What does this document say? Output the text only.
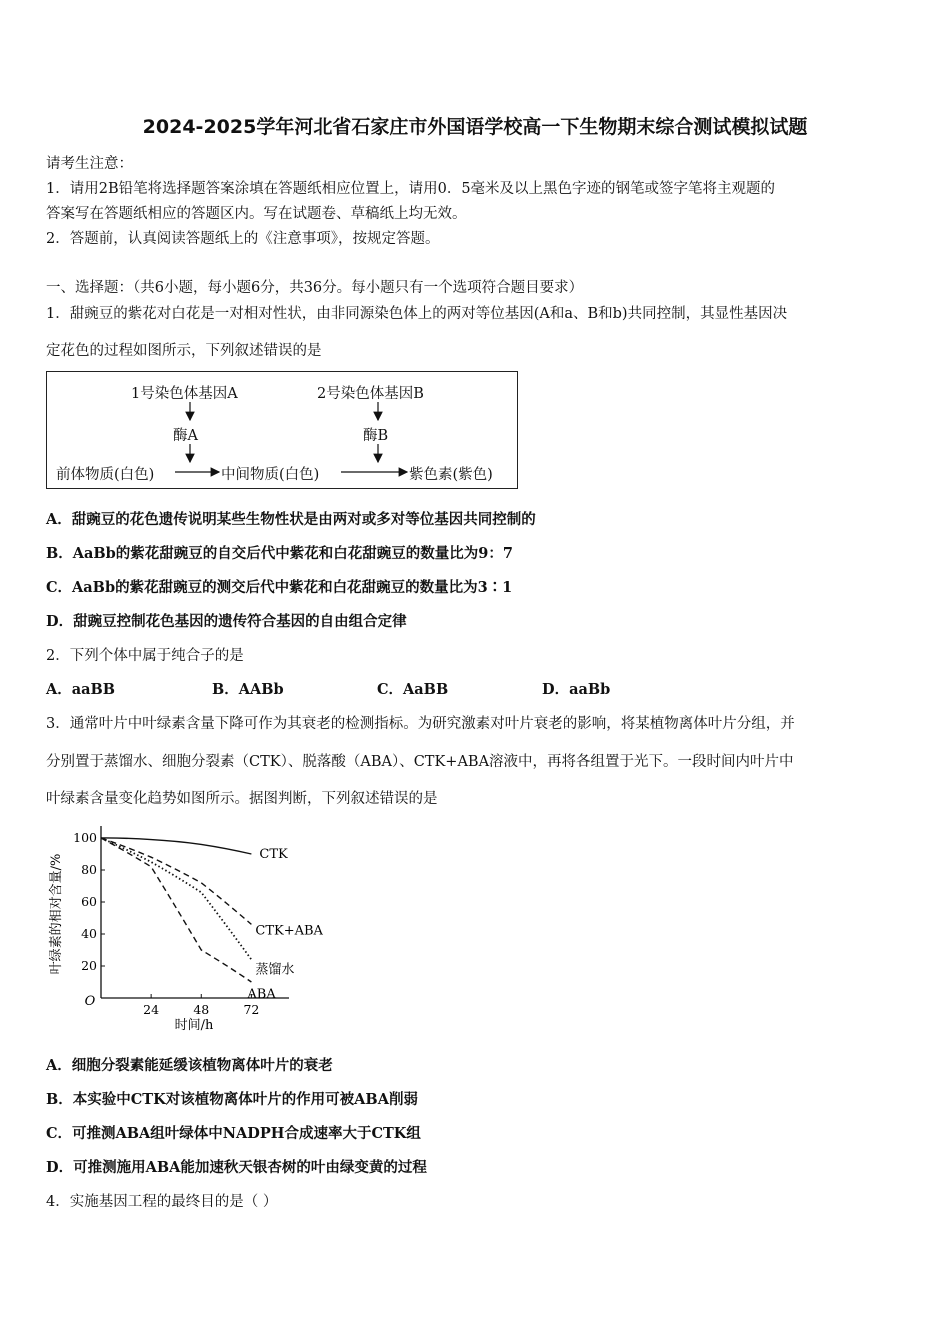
2024-2025学年河北省石家庄市外国语学校高一下生物期末综合测试模拟试题
请考生注意：
1．请用2B铅笔将选择题答案涂填在答题纸相应位置上，请用0．5毫米及以上黑色字迹的钢笔或签字笔将主观题的
答案写在答题纸相应的答题区内。写在试题卷、草稿纸上均无效。
2．答题前，认真阅读答题纸上的《注意事项》，按规定答题。
一、选择题：（共6小题，每小题6分，共36分。每小题只有一个选项符合题目要求）
1．甜豌豆的紫花对白花是一对相对性状，由非同源染色体上的两对等位基因(A和a、B和b)共同控制，其显性基因决
定花色的过程如图所示，下列叙述错误的是
1号染色体基因A	2号染色体基因B
酶A	酶B
前体物质(白色)	中间物质(白色)	紫色素(紫色)
A．甜豌豆的花色遗传说明某些生物性状是由两对或多对等位基因共同控制的
B．AaBb的紫花甜豌豆的自交后代中紫花和白花甜豌豆的数量比为9：7
C．AaBb的紫花甜豌豆的测交后代中紫花和白花甜豌豆的数量比为3∶1
D．甜豌豆控制花色基因的遗传符合基因的自由组合定律
2．下列个体中属于纯合子的是
A．aaBB	B．AABb	C．AaBB	D．aaBb
3．通常叶片中叶绿素含量下降可作为其衰老的检测指标。为研究激素对叶片衰老的影响，将某植物离体叶片分组，并
分别置于蒸馏水、细胞分裂素（CTK）、脱落酸（ABA）、CTK+ABA溶液中，再将各组置于光下。一段时间内叶片中
叶绿素含量变化趋势如图所示。据图判断，下列叙述错误的是
叶绿素的相对含量/%
时间/h
O
20
40
60
80
100
24	48	72
CTK
CTK+ABA
蒸馏水
ABA
A．细胞分裂素能延缓该植物离体叶片的衰老
B．本实验中CTK对该植物离体叶片的作用可被ABA削弱
C．可推测ABA组叶绿体中NADPH合成速率大于CTK组
D．可推测施用ABA能加速秋天银杏树的叶由绿变黄的过程
4．实施基因工程的最终目的是（ ）
